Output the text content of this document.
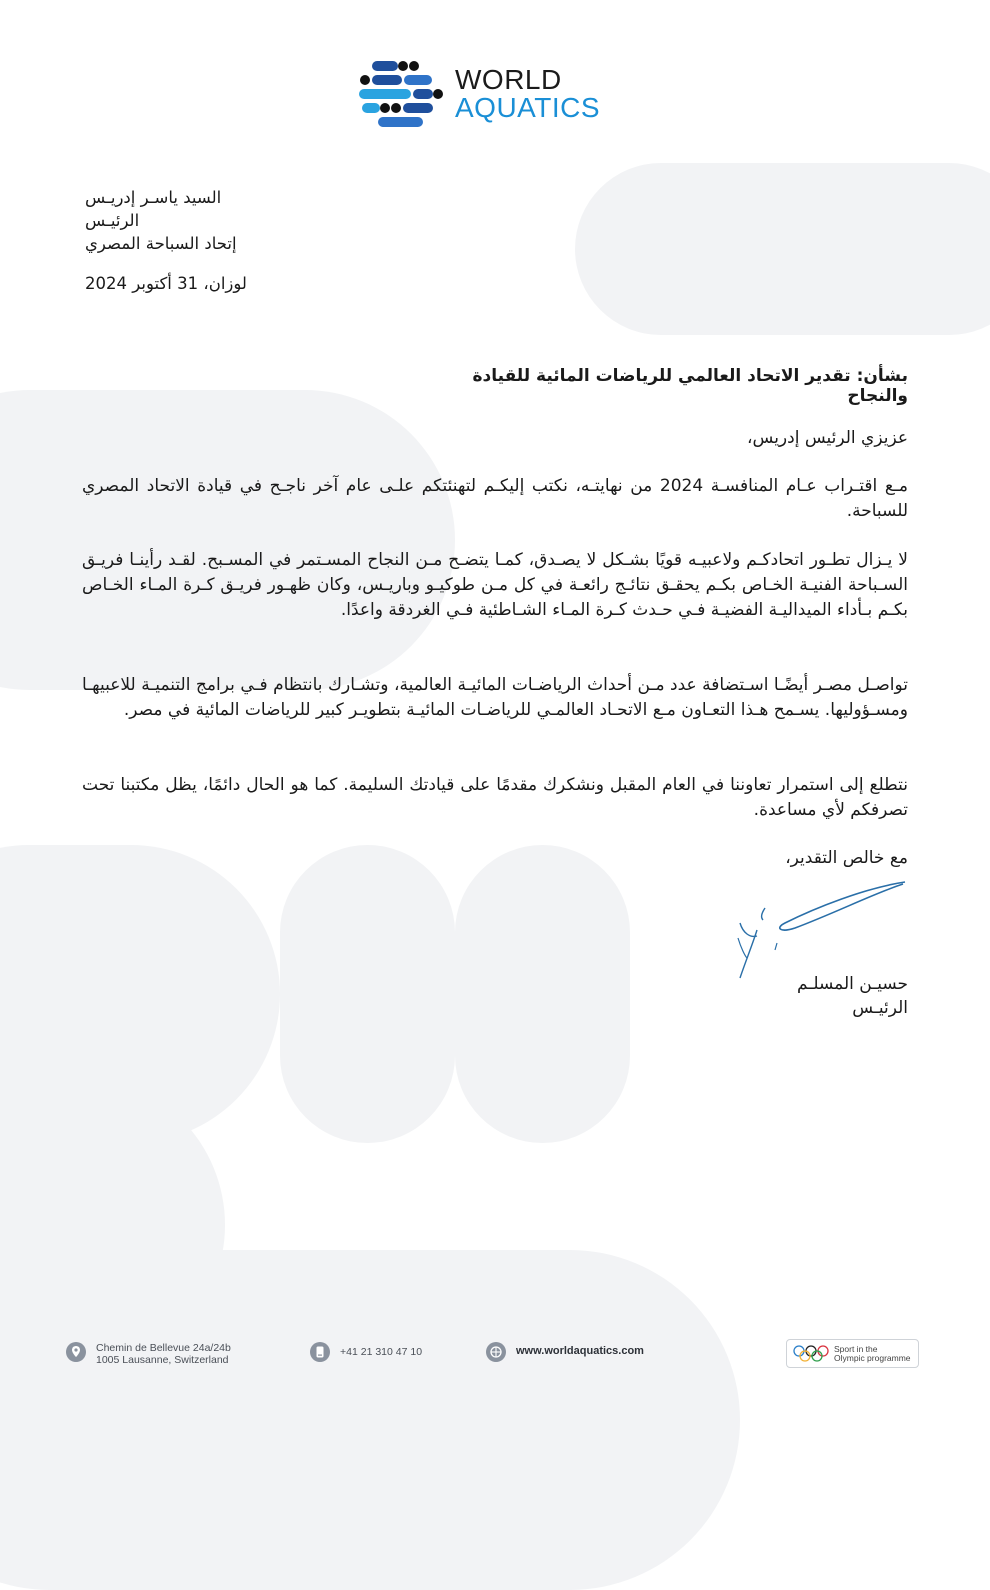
WORLD
AQUATICS
السيد ياسـر إدريـس
الرئيـس
إتحاد السباحة المصري
لوزان، 31 أكتوبر 2024
بشأن: تقدير الاتحاد العالمي للرياضات المائية للقيادة والنجاح
عزيزي الرئيس إدريس،
مـع اقتـراب عـام المنافسـة 2024 من نهايتـه، نكتب إليكـم لتهنئتكم علـى عام آخر ناجـح في قيادة الاتحاد المصري للسباحة.
لا يـزال تطـور اتحادكـم ولاعبيـه قويًا بشـكل لا يصـدق، كمـا يتضـح مـن النجاح المسـتمر في المسـبح. لقـد رأينـا فريـق السـباحة الفنيـة الخـاص بكـم يحقـق نتائـج رائعـة في كل مـن طوكيـو وباريـس، وكان ظهـور فريـق كـرة المـاء الخـاص بكـم بـأداء الميداليـة الفضيـة فـي حـدث كـرة المـاء الشـاطئية فـي الغردقة واعدًا.
تواصـل مصـر أيضًـا اسـتضافة عدد مـن أحداث الرياضـات المائيـة العالمية، وتشـارك بانتظام فـي برامج التنميـة للاعبيهـا ومسـؤوليها. يسـمح هـذا التعـاون مـع الاتحـاد العالمـي للرياضـات المائيـة بتطويـر كبير للرياضات المائية في مصر.
نتطلع إلى استمرار تعاوننا في العام المقبل ونشكرك مقدمًا على قيادتك السليمة. كما هو الحال دائمًا، يظل مكتبنا تحت تصرفكم لأي مساعدة.
مع خالص التقدير،
حسيـن المسلـم
الرئيـس
Chemin de Bellevue 24a/24b
1005 Lausanne, Switzerland
+41 21 310 47 10	www.worldaquatics.com	Sport in the
Olympic programme
